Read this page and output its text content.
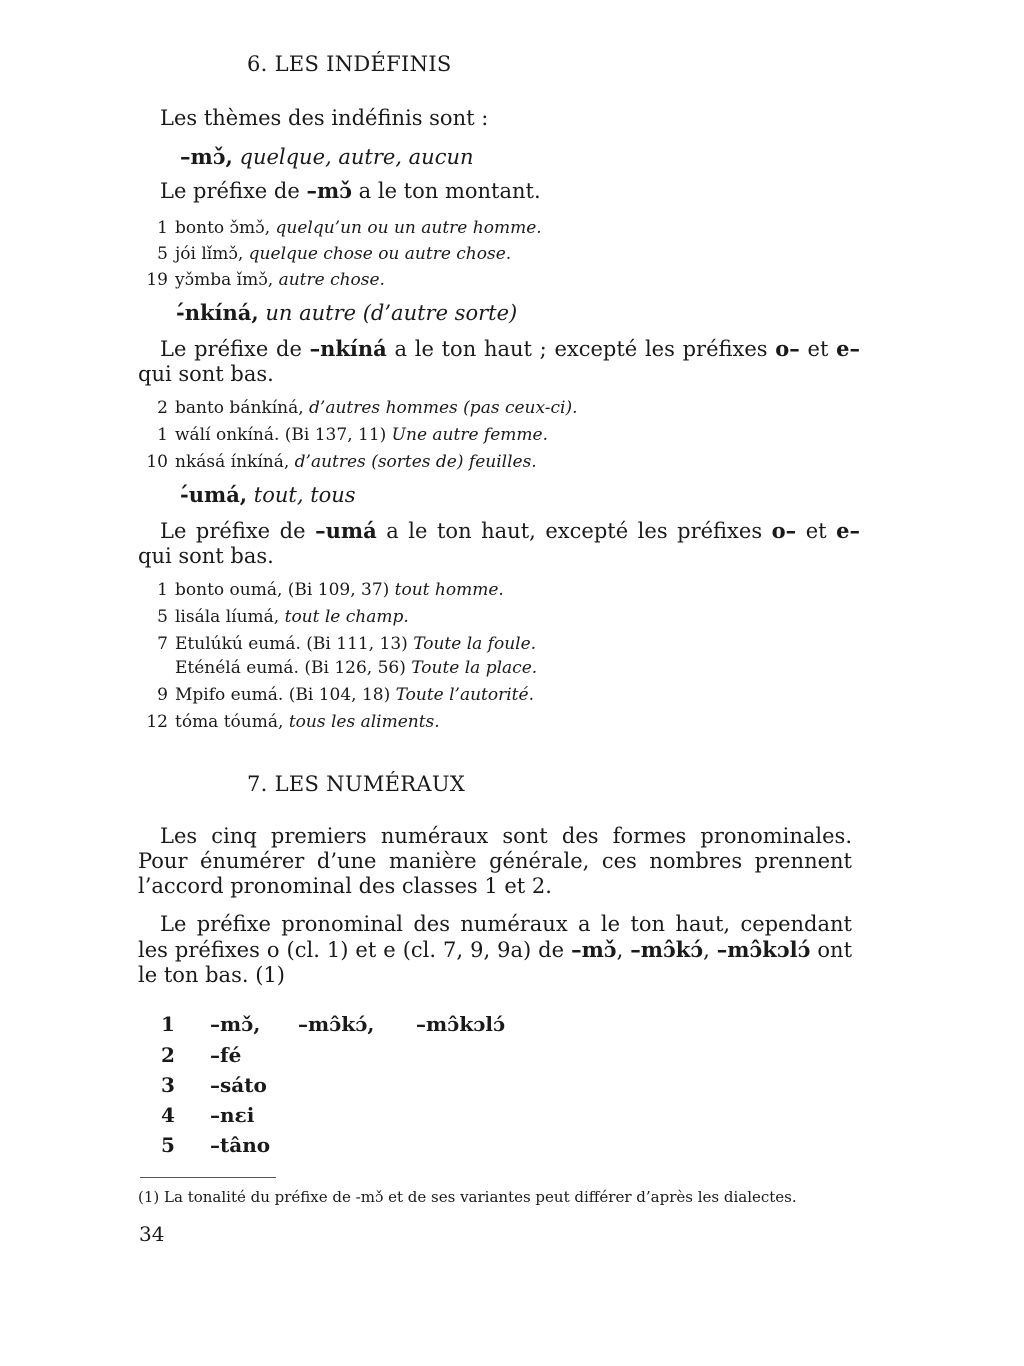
6. LES INDÉFINIS
Les thèmes des indéfinis sont :
–mɔ̌, quelque, autre, aucun
Le préfixe de –mɔ̌ a le ton montant.
1 bonto ɔ̌mɔ̌, quelqu’un ou un autre homme.
5 jói lǐmɔ̌, quelque chose ou autre chose.
19 yɔ̌mba ǐmɔ̌, autre chose.
-́nkíná, un autre (d’autre sorte)
Le préfixe de –nkíná a le ton haut ; excepté les préfixes o– et e– qui sont bas.
2 banto bánkíná, d’autres hommes (pas ceux-ci).
1 wálí onkíná. (Bi 137, 11) Une autre femme.
10 nkásá ínkíná, d’autres (sortes de) feuilles.
-́umá, tout, tous
Le préfixe de –umá a le ton haut, excepté les préfixes o– et e– qui sont bas.
1 bonto oumá, (Bi 109, 37) tout homme.
5 lisála líumá, tout le champ.
7 Etulúkú eumá. (Bi 111, 13) Toute la foule.
Eténélá eumá. (Bi 126, 56) Toute la place.
9 Mpifo eumá. (Bi 104, 18) Toute l’autorité.
12 tóma tóumá, tous les aliments.
7. LES NUMÉRAUX
Les cinq premiers numéraux sont des formes pronominales. Pour énumérer d’une manière générale, ces nombres prennent l’accord pronominal des classes 1 et 2.
Le préfixe pronominal des numéraux a le ton haut, cependant les préfixes o (cl. 1) et e (cl. 7, 9, 9a) de –mɔ̌, –mɔ̂kɔ́, –mɔ̂kɔlɔ́ ont le ton bas. (1)
1 –mɔ̌, –mɔ̂kɔ́, –mɔ̂kɔlɔ́
2 –fé
3 –sáto
4 –nɛi
5 –tâno
(1) La tonalité du préfixe de -mɔ̌ et de ses variantes peut différer d’après les dialectes.
34
